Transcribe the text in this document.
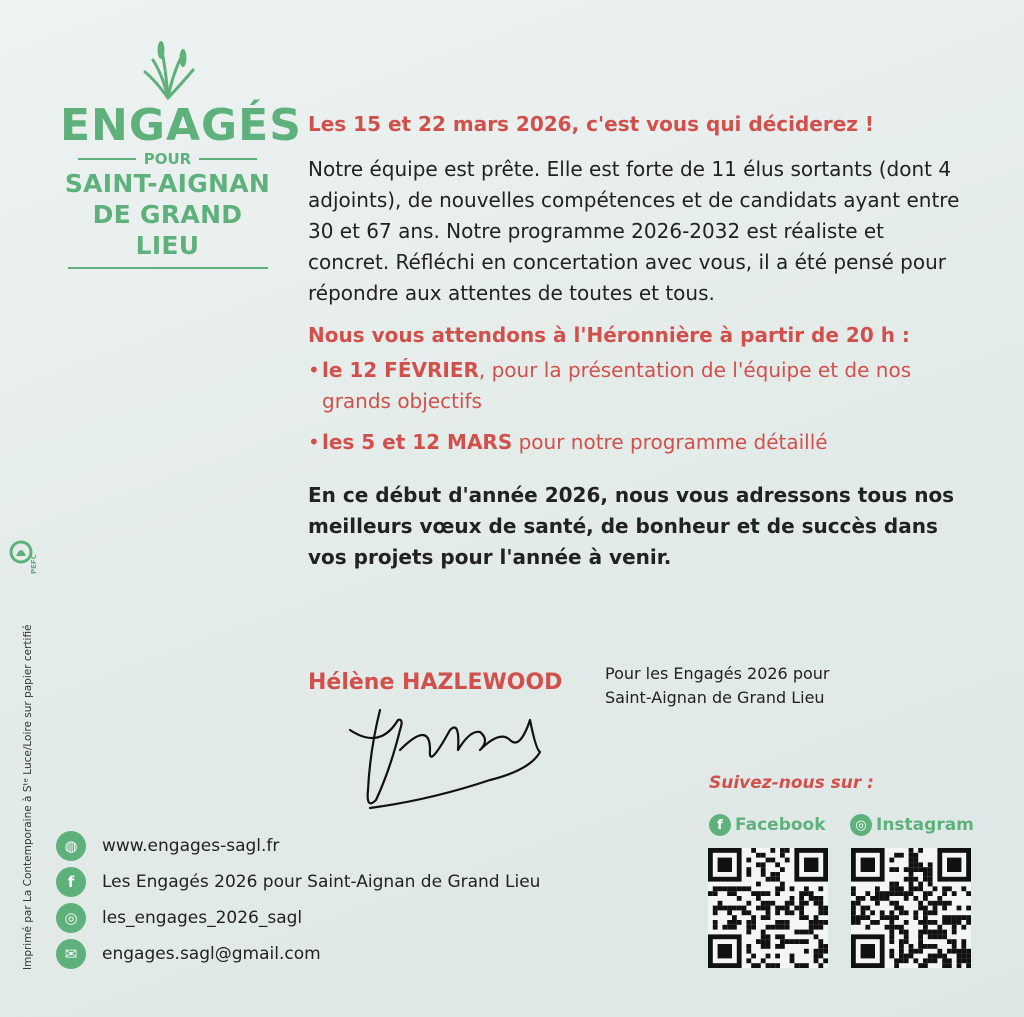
ENGAGÉS
POUR
SAINT-AIGNAN
DE GRAND LIEU
Les 15 et 22 mars 2026, c'est vous qui déciderez !

Notre équipe est prête. Elle est forte de 11 élus sortants (dont 4 adjoints), de nouvelles compétences et de candidats ayant entre 30 et 67 ans. Notre programme 2026-2032 est réaliste et concret. Réfléchi en concertation avec vous, il a été pensé pour répondre aux attentes de toutes et tous.

Nous vous attendons à l'Héronnière à partir de 20 h :
• le 12 FÉVRIER, pour la présentation de l'équipe et de nos grands objectifs
• les 5 et 12 MARS pour notre programme détaillé

En ce début d'année 2026, nous vous adressons tous nos meilleurs vœux de santé, de bonheur et de succès dans vos projets pour l'année à venir.

Hélène HAZLEWOOD	Pour les Engagés 2026 pour
Saint-Aignan de Grand Lieu
Imprimé par La Contemporaine à Sᵗᵉ Luce/Loire sur papier certifié
PEFC
◍	www.engages-sagl.fr
f	Les Engagés 2026 pour Saint-Aignan de Grand Lieu
◎	les_engages_2026_sagl
✉	engages.sagl@gmail.com
Suivez-nous sur :
f Facebook	◎ Instagram
